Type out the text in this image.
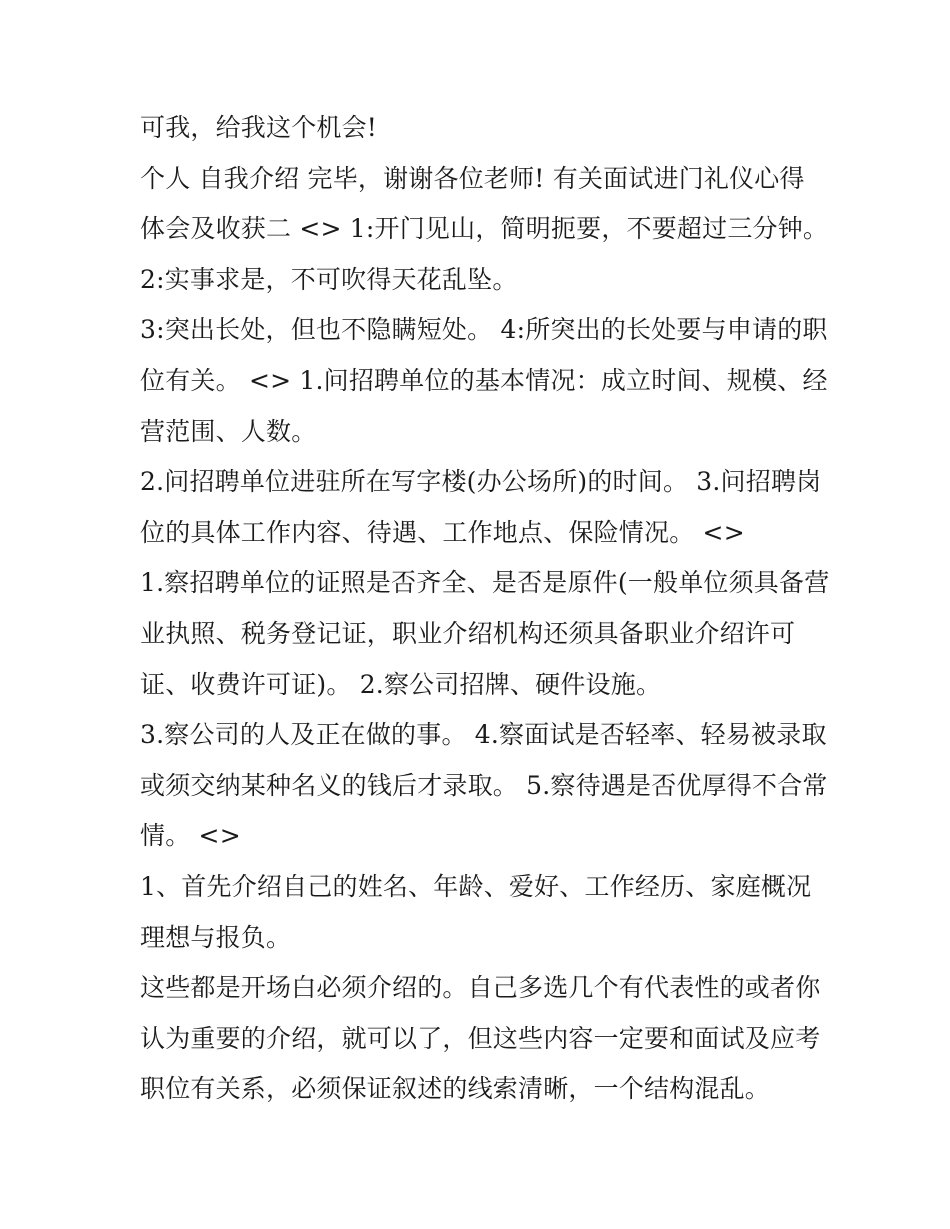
可我，给我这个机会!
个人 自我介绍 完毕，谢谢各位老师! 有关面试进门礼仪心得
体会及收获二 <> 1:开门见山，简明扼要，不要超过三分钟。
2:实事求是，不可吹得天花乱坠。
3:突出长处，但也不隐瞒短处。 4:所突出的长处要与申请的职
位有关。 <> 1.问招聘单位的基本情况：成立时间、规模、经
营范围、人数。
2.问招聘单位进驻所在写字楼(办公场所)的时间。 3.问招聘岗
位的具体工作内容、待遇、工作地点、保险情况。 <>
1.察招聘单位的证照是否齐全、是否是原件(一般单位须具备营
业执照、税务登记证，职业介绍机构还须具备职业介绍许可
证、收费许可证)。 2.察公司招牌、硬件设施。
3.察公司的人及正在做的事。 4.察面试是否轻率、轻易被录取
或须交纳某种名义的钱后才录取。 5.察待遇是否优厚得不合常
情。 <>
1、首先介绍自己的姓名、年龄、爱好、工作经历、家庭概况
理想与报负。
这些都是开场白必须介绍的。自己多选几个有代表性的或者你
认为重要的介绍，就可以了，但这些内容一定要和面试及应考
职位有关系，必须保证叙述的线索清晰，一个结构混乱。
